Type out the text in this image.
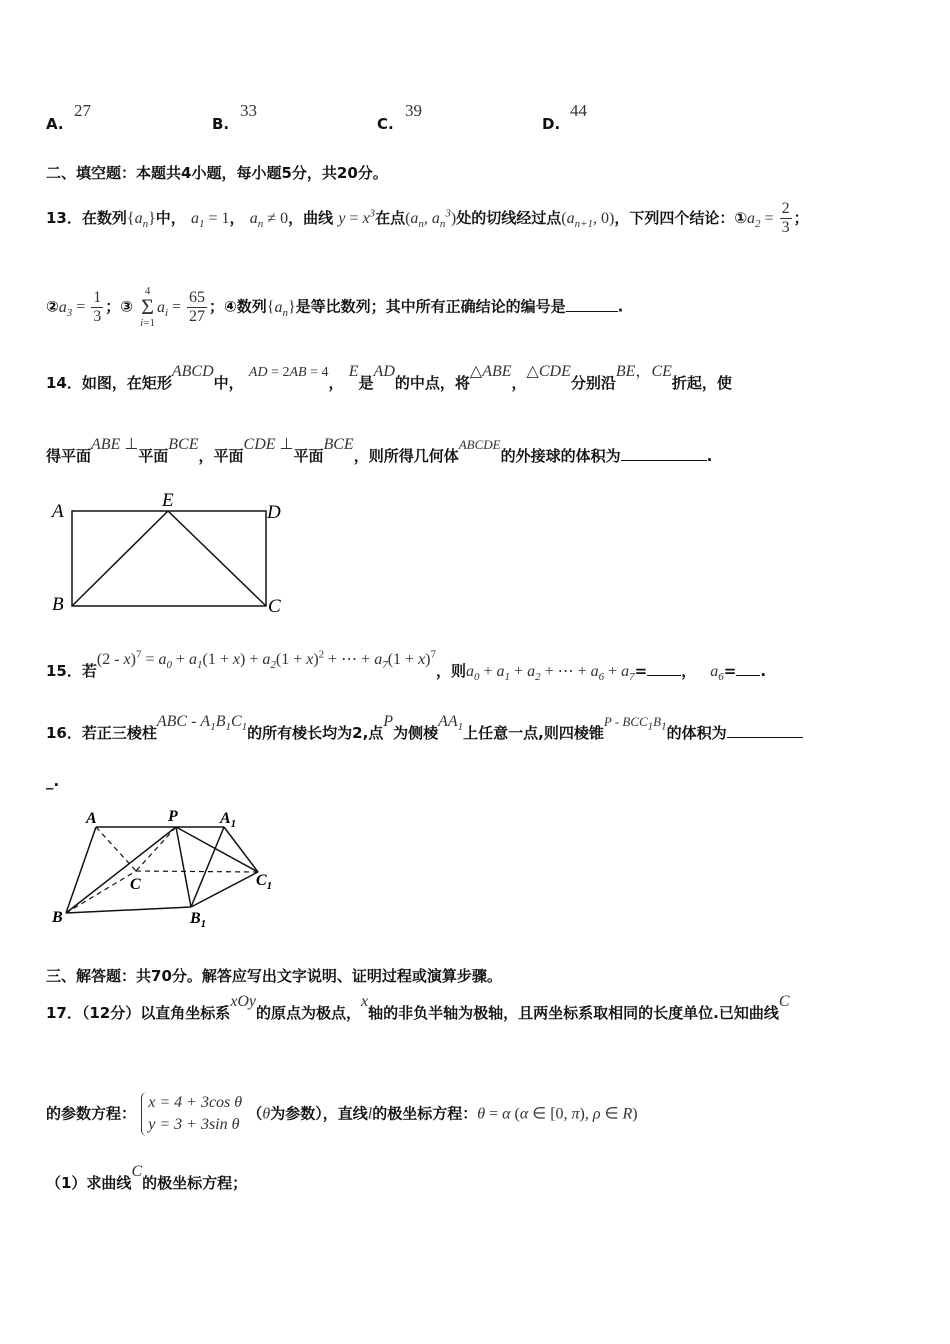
A.
27
B.
33
C.
39
D.
44
二、填空题：本题共4小题，每小题5分，共20分。
13．在数列$\{a_n\}$中， $a_1 = 1$， $a_n \ne 0$，曲线 $y = x^3$在点($a_n$, $a_n^3$)处的切线经过点($a_{n+1}$, 0)，下列四个结论：$①a_2 = \frac{2}{3}$ ；
$②a_3 = \frac{1}{3}$ ；③
4
Σ
i=1
$a_i = \frac{65}{27}$ ；④数列$\{a_n\}$是等比数列；其中所有正确结论的编号是	.
14．如图，在矩形ABCD中， AD = 2AB = 4， E是AD的中点，将△ABE，△CDE分别沿BE，CE折起，使
得平面ABE ⊥平面BCE，平面CDE ⊥平面BCE，则所得几何体ABCDE的外接球的体积为	.
A
E
D
B	C
15．若$(2 - x)^7 = a_0 + a_1(1 + x) + a_2(1 + x)^2$ + ⋯ + $a_7(1 + x)^7$，则$a_0 + a_1 + a_2$ + ⋯ + $a_6 + a_7=$ ， $a_6=$ .
16．若正三棱柱ABC - $A_1B_1C_1$的所有棱长均为2,点P为侧棱$AA_1$上任意一点,则四棱锥P - $BCC_1B_1$的体积为
_.
A	P	$A_1$
C	$C_1$
B	$B_1$
三、解答题：共70分。解答应写出文字说明、证明过程或演算步骤。
17．（12分）以直角坐标系xOy的原点为极点，x轴的非负半轴为极轴，且两坐标系取相同的长度单位.已知曲线C
的参数方程：
x = 4 + 3cos θ
y = 3 + 3sin θ
（θ为参数），直线l的极坐标方程：θ = α (α ∈ [0, π), ρ ∈ R)
（1）求曲线C的极坐标方程；
